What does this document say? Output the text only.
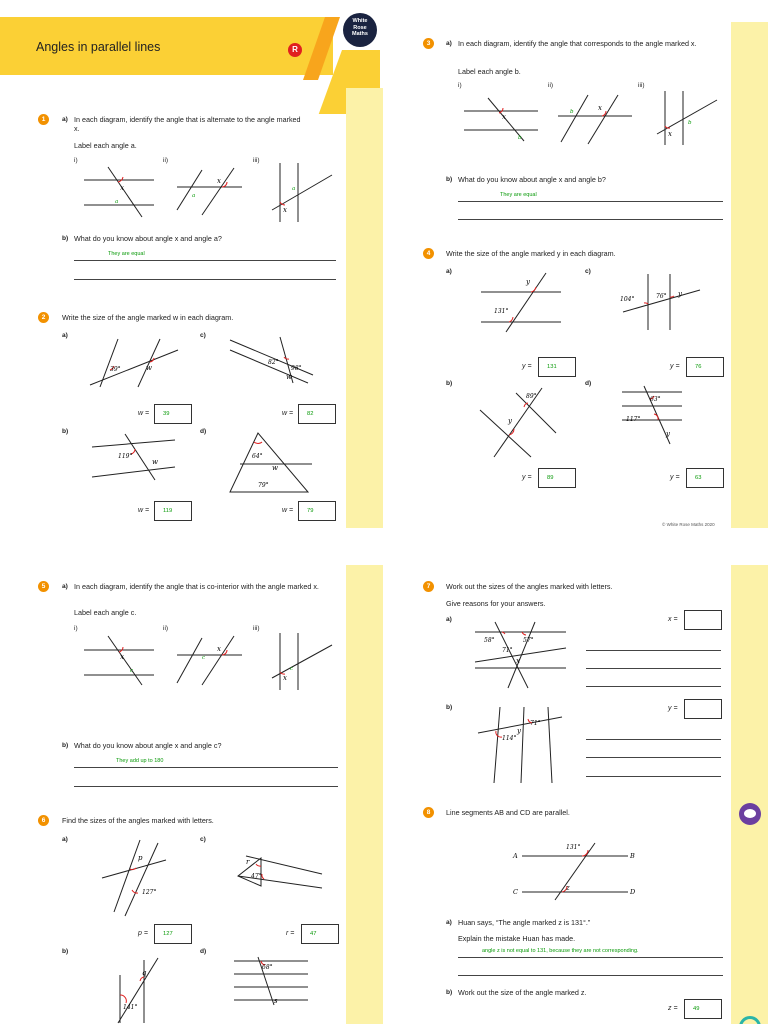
Angles in parallel lines	R
White
Rose
Maths
1	a) In each diagram, identify the angle that is alternate to the angle marked x.
Label each angle a.
i)	ii)	iii)
x
a
x
a
x
a
b) What do you know about angle x and angle a?
They are equal
2	Write the size of the angle marked w in each diagram.
a)	c)
39°	w
82°
98°
w
w =	39	w =	82
b)	d)
119°
w
64°
w
79°
w =	119	w =	79
3	a) In each diagram, identify the angle that corresponds to the angle marked x.
Label each angle b.
i)	ii)	iii)
x
b
x
b
x
b
b) What do you know about angle x and angle b?
They are equal
4	Write the size of the angle marked y in each diagram.
a)	c)
y
131°
104°	76° y
y =	131	y =	76
b)	d)
89°
y
63°
117°
y
y =	89	y =	63
© White Rose Maths 2020
5	a) In each diagram, identify the angle that is co-interior with the angle marked x.
Label each angle c.
i)	ii)	iii)
x
c
x
c
x
c
b) What do you know about angle x and angle c?
They add up to 180
6	Find the sizes of the angles marked with letters.
a)	c)
p
127°
r
47°
p =	127	r =	47
b)	d)
q
141°
68°
s
7	Work out the sizes of the angles marked with letters.
Give reasons for your answers.
a)
58°	57°
71°
x
x =
b)
71°
114°
y
y =
8	Line segments AB and CD are parallel.
131°
z
A	B
C	D
a) Huan says, “The angle marked z is 131°.”
Explain the mistake Huan has made.
angle z is not equal to 131, because they are not corresponding.
b) Work out the size of the angle marked z.
z =	49
